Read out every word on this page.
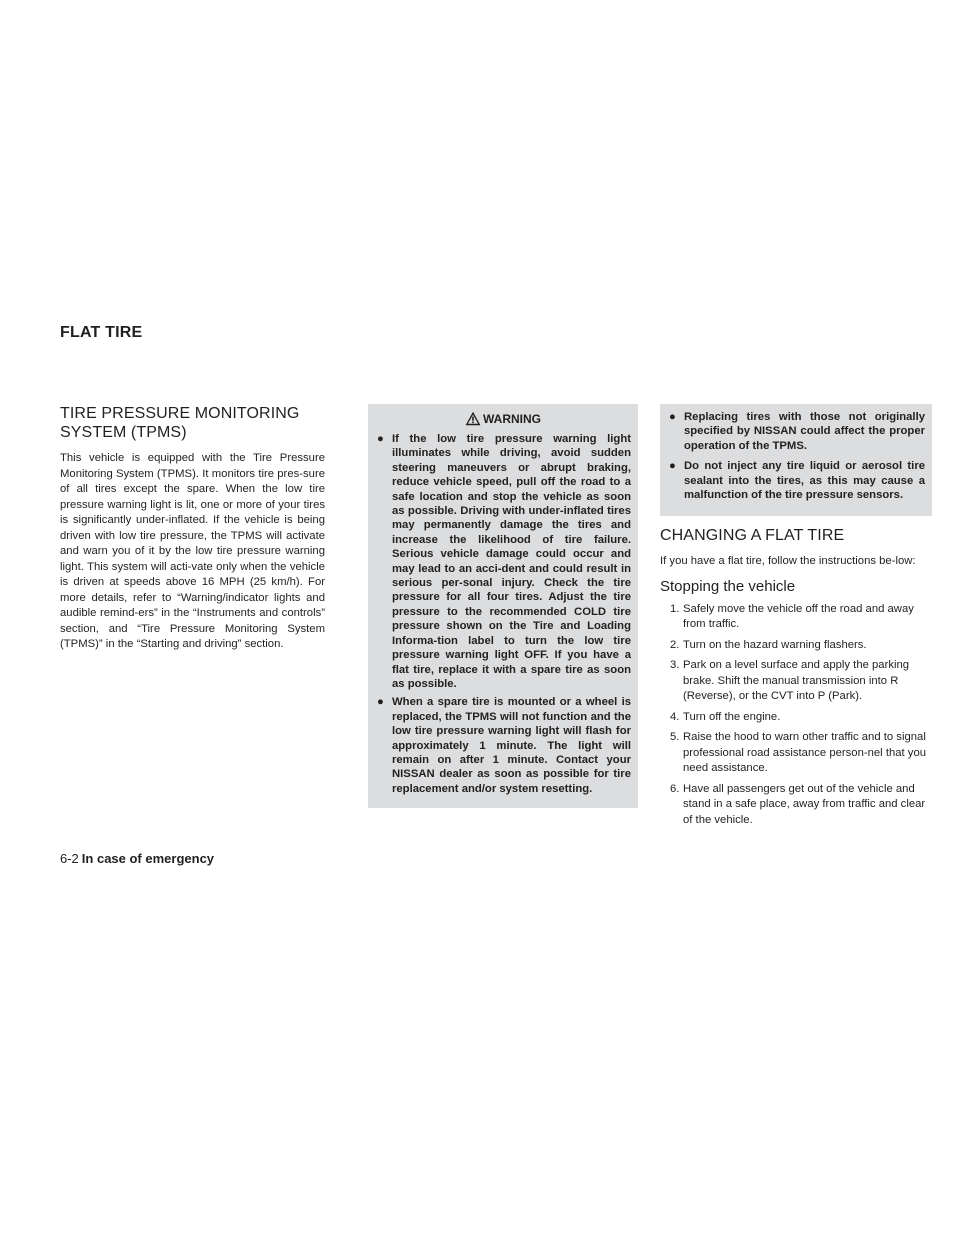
FLAT TIRE
TIRE PRESSURE MONITORING SYSTEM (TPMS)

This vehicle is equipped with the Tire Pressure Monitoring System (TPMS). It monitors tire pres-sure of all tires except the spare. When the low tire pressure warning light is lit, one or more of your tires is significantly under-inflated. If the vehicle is being driven with low tire pressure, the TPMS will activate and warn you of it by the low tire pressure warning light. This system will acti-vate only when the vehicle is driven at speeds above 16 MPH (25 km/h). For more details, refer to “Warning/indicator lights and audible remind-ers” in the “Instruments and controls” section, and “Tire Pressure Monitoring System (TPMS)” in the “Starting and driving” section.

WARNING
● If the low tire pressure warning light illuminates while driving, avoid sudden steering maneuvers or abrupt braking, reduce vehicle speed, pull off the road to a safe location and stop the vehicle as soon as possible. Driving with under-inflated tires may permanently damage the tires and increase the likelihood of tire failure. Serious vehicle damage could occur and may lead to an acci-dent and could result in serious per-sonal injury. Check the tire pressure for all four tires. Adjust the tire pressure to the recommended COLD tire pressure shown on the Tire and Loading Informa-tion label to turn the low tire pressure warning light OFF. If you have a flat tire, replace it with a spare tire as soon as possible.
● When a spare tire is mounted or a wheel is replaced, the TPMS will not function and the low tire pressure warning light will flash for approximately 1 minute. The light will remain on after 1 minute. Contact your NISSAN dealer as soon as possible for tire replacement and/or system resetting.
● Replacing tires with those not originally specified by NISSAN could affect the proper operation of the TPMS.
● Do not inject any tire liquid or aerosol tire sealant into the tires, as this may cause a malfunction of the tire pressure sensors.
CHANGING A FLAT TIRE

If you have a flat tire, follow the instructions be-low:

Stopping the vehicle
1. Safely move the vehicle off the road and away from traffic.
2. Turn on the hazard warning flashers.
3. Park on a level surface and apply the parking brake. Shift the manual transmission into R (Reverse), or the CVT into P (Park).
4. Turn off the engine.
5. Raise the hood to warn other traffic and to signal professional road assistance person-nel that you need assistance.
6. Have all passengers get out of the vehicle and stand in a safe place, away from traffic and clear of the vehicle.
6-2 In case of emergency
